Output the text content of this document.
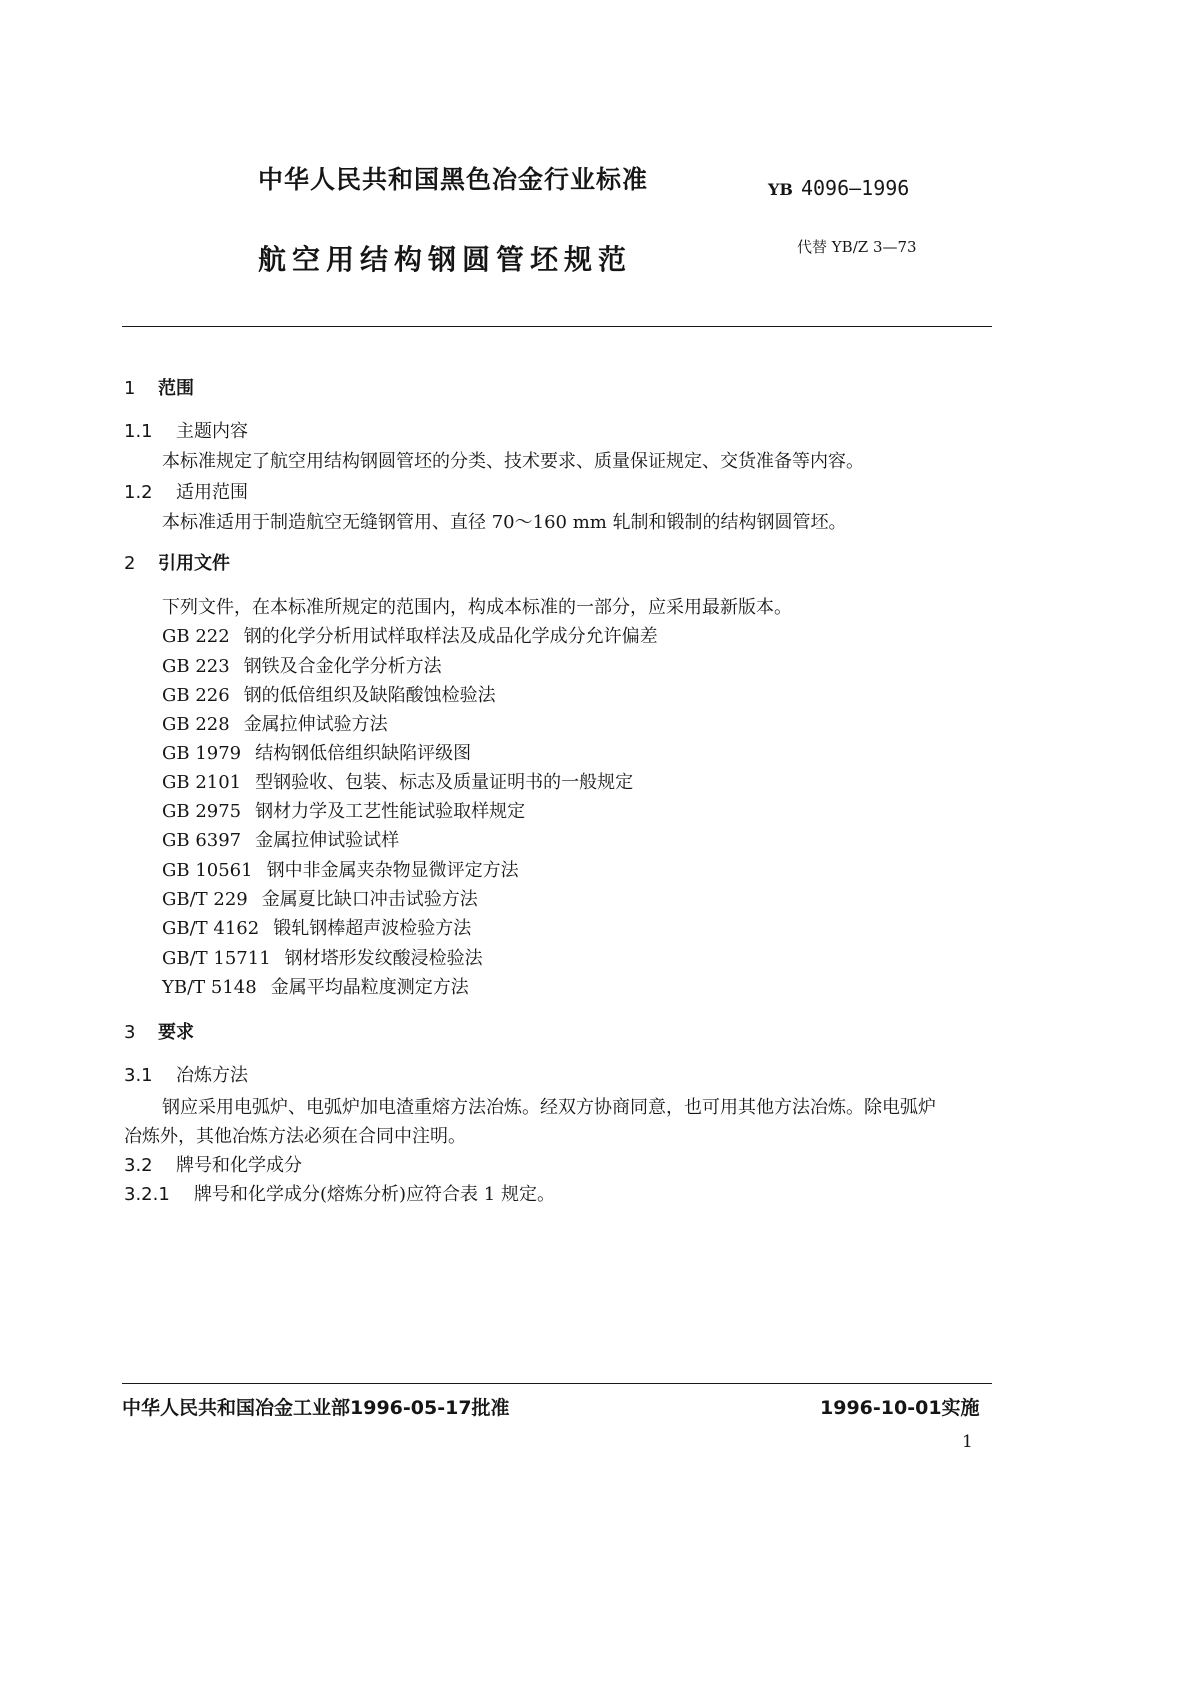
中华人民共和国黑色冶金行业标准	YB 4096—1996
航空用结构钢圆管坯规范	代替 YB/Z 3—73
1 范围
1.1 主题内容
本标准规定了航空用结构钢圆管坯的分类、技术要求、质量保证规定、交货准备等内容。
1.2 适用范围
本标准适用于制造航空无缝钢管用、直径 70～160 mm 轧制和锻制的结构钢圆管坯。
2 引用文件
下列文件，在本标准所规定的范围内，构成本标准的一部分，应采用最新版本。
GB 222 钢的化学分析用试样取样法及成品化学成分允许偏差
GB 223 钢铁及合金化学分析方法
GB 226 钢的低倍组织及缺陷酸蚀检验法
GB 228 金属拉伸试验方法
GB 1979 结构钢低倍组织缺陷评级图
GB 2101 型钢验收、包装、标志及质量证明书的一般规定
GB 2975 钢材力学及工艺性能试验取样规定
GB 6397 金属拉伸试验试样
GB 10561 钢中非金属夹杂物显微评定方法
GB/T 229 金属夏比缺口冲击试验方法
GB/T 4162 锻轧钢棒超声波检验方法
GB/T 15711 钢材塔形发纹酸浸检验法
YB/T 5148 金属平均晶粒度测定方法
3 要求
3.1 冶炼方法
钢应采用电弧炉、电弧炉加电渣重熔方法冶炼。经双方协商同意，也可用其他方法冶炼。除电弧炉
冶炼外，其他冶炼方法必须在合同中注明。
3.2 牌号和化学成分
3.2.1 牌号和化学成分(熔炼分析)应符合表 1 规定。
中华人民共和国冶金工业部1996-05-17批准	1996-10-01实施
1
